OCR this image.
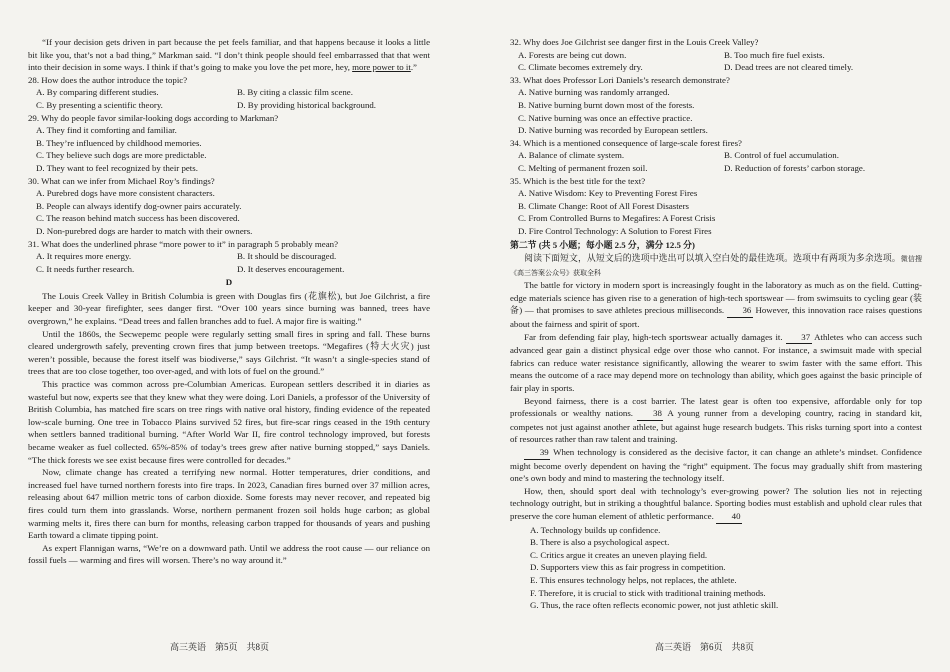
“If your decision gets driven in part because the pet feels familiar, and that happens because it looks a little bit like you, that’s not a bad thing,” Markman said. “I don’t think people should feel embarrassed that that went into their decision in some ways. I think if that’s going to make you love the pet more, hey, more power to it.”

28. How does the author introduce the topic?

A. By comparing different studies.	B. By citing a classic film scene.
C. By presenting a scientific theory.	D. By providing historical background.

29. Why do people favor similar-looking dogs according to Markman?

A. They find it comforting and familiar.
B. They’re influenced by childhood memories.
C. They believe such dogs are more predictable.
D. They want to feel recognized by their pets.

30. What can we infer from Michael Roy’s findings?

A. Purebred dogs have more consistent characters.
B. People can always identify dog-owner pairs accurately.
C. The reason behind match success has been discovered.
D. Non-purebred dogs are harder to match with their owners.

31. What does the underlined phrase “more power to it” in paragraph 5 probably mean?

A. It requires more energy.	B. It should be discouraged.
C. It needs further research.	D. It deserves encouragement.
D

The Louis Creek Valley in British Columbia is green with Douglas firs (花旗松), but Joe Gilchrist, a fire keeper and 30-year firefighter, sees danger first. “Over 100 years since burning was banned, trees have overgrown,” he explains. “Dead trees and fallen branches add to fuel. A major fire is waiting.”

Until the 1860s, the Secwepemc people were regularly setting small fires in spring and fall. These burns cleared undergrowth safely, preventing crown fires that jump between treetops. “Megafires (特大火灾) just weren’t possible, because the forest itself was biodiverse,” says Gilchrist. “It wasn’t a single-species stand of trees that are too close together, too over-aged, and with lots of fuel on the ground.”

This practice was common across pre-Columbian Americas. European settlers described it in diaries as wasteful but now, experts see that they knew what they were doing. Lori Daniels, a professor of the University of British Columbia, has matched fire scars on tree rings with native oral history, finding evidence of the repeated low-scale burning. One tree in Tobacco Plains survived 52 fires, but fire-scar rings ceased in the 19th century when settlers banned traditional burning. “After World War II, fire control technology improved, but forests became weaker as fuel collected. 65%-85% of today’s trees grew after native burning stopped,” says Daniels. “The thick forests we see exist because fires were controlled for decades.”

Now, climate change has created a terrifying new normal. Hotter temperatures, drier conditions, and increased fuel have turned northern forests into fire traps. In 2023, Canadian fires burned over 37 million acres, releasing about 647 million metric tons of carbon dioxide. Some forests may never recover, and repeated big fires could turn them into grasslands. Worse, northern permanent frozen soil holds huge carbon; as global warming melts it, fires there can burn for months, releasing carbon trapped for thousands of years and pushing Earth toward a climate tipping point.

As expert Flannigan warns, “We’re on a downward path. Until we address the root cause — our reliance on fossil fuels — warming and fires will worsen. There’s no way around it.”

32. Why does Joe Gilchrist see danger first in the Louis Creek Valley?

A. Forests are being cut down.	B. Too much fire fuel exists.
C. Climate becomes extremely dry.	D. Dead trees are not cleared timely.

33. What does Professor Lori Daniels’s research demonstrate?

A. Native burning was randomly arranged.
B. Native burning burnt down most of the forests.
C. Native burning was once an effective practice.
D. Native burning was recorded by European settlers.

34. Which is a mentioned consequence of large-scale forest fires?

A. Balance of climate system.	B. Control of fuel accumulation.
C. Melting of permanent frozen soil.	D. Reduction of forests’ carbon storage.

35. Which is the best title for the text?

A. Native Wisdom: Key to Preventing Forest Fires
B. Climate Change: Root of All Forest Disasters
C. From Controlled Burns to Megafires: A Forest Crisis
D. Fire Control Technology: A Solution to Forest Fires
第二节 (共 5 小题；每小题 2.5 分，满分 12.5 分)

阅读下面短文，从短文后的选项中选出可以填入空白处的最佳选项。选项中有两项为多余选项。微信搜《高三答案公众号》获取全科

The battle for victory in modern sport is increasingly fought in the laboratory as much as on the field. Cutting-edge materials science has given rise to a generation of high-tech sportswear — from swimsuits to cycling gear (装备) — that promises to save athletes precious milliseconds. 36 However, this innovation race raises questions about the fairness and spirit of sport.

Far from defending fair play, high-tech sportswear actually damages it. 37 Athletes who can access such advanced gear gain a distinct physical edge over those who cannot. For instance, a swimsuit made with special fabrics can reduce water resistance significantly, allowing the wearer to swim faster with the same effort. This means the outcome of a race may depend more on technology than ability, which goes against the basic principle of fair play in sports.

Beyond fairness, there is a cost barrier. The latest gear is often too expensive, affordable only for top professionals or wealthy nations. 38 A young runner from a developing country, racing in standard kit, competes not just against another athlete, but against huge research budgets. This risks turning sport into a contest of resources rather than raw talent and training.

39 When technology is considered as the decisive factor, it can change an athlete’s mindset. Confidence might become overly dependent on having the “right” equipment. The focus may gradually shift from mastering one’s own body and mind to mastering the technology itself.

How, then, should sport deal with technology’s ever-growing power? The solution lies not in rejecting technology outright, but in striking a thoughtful balance. Sporting bodies must establish and uphold clear rules that preserve the core human element of athletic performance. 40

A. Technology builds up confidence.
B. There is also a psychological aspect.
C. Critics argue it creates an uneven playing field.
D. Supporters view this as fair progress in competition.
E. This ensures technology helps, not replaces, the athlete.
F. Therefore, it is crucial to stick with traditional training methods.
G. Thus, the race often reflects economic power, not just athletic skill.
高三英语　第5页　共8页	高三英语　第6页　共8页
